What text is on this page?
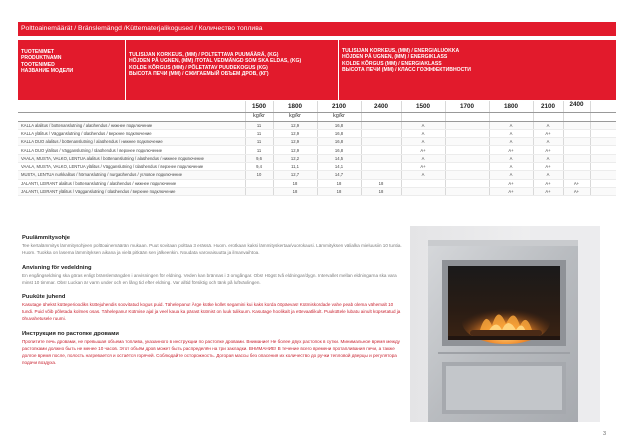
Polttoainemäärät / Bränslemängd /Küttematerjalikogused / Количество топлива
TUOTENIMET
PRODUKTNAMN
TOOTENIMED
НАЗВАНИЕ МОДЕЛИ
TULISIJAN KORKEUS, (MM) / POLTETTAVA PUUMÄÄRÄ, (KG)
HÖJDEN PÅ UGNEN, (MM) /TOTAL VEDMÄNGD SOM SKA ELDAS, (KG)
KOLDE KÕRGUS (MM) / PÕLETATAV PUUDEKOGUS (KG)
ВЫСОТА ПЕЧИ (MM) / СЖИГАЕМЫЙ ОБЪЕМ ДРОВ, (КГ)
TULISIJAN KORKEUS, (MM) / ENERGIALUOKKA
HÖJDEN PÅ UGNEN, (MM) / ENERGIKLASS
KOLDE KÕRGUS (MM) / ENERGIAKLASS
ВЫСОТА ПЕЧИ (MM) / КЛАСС ГОЭФФЕКТИВНОСТИ
	1500	1800	2100	2400	1500	1700	1800	2100	2400	
	kg/kr	kg/kr	kg/kr							
KALLA alalitus / bottenanslutning / alaühendus / нижнее подключение	11	12,9	16,8		A		A	A		
KALLA ylälitus / Vägganslutning / ülaühendus / верхнее подключение	11	12,9	16,8		A		A	A+		
KALLA DUO alalitus / bottenanslutning / alaühendus / нижнее подключение	11	12,9	16,8		A		A	A		
KALLA DUO ylälitus / Vägganslutning / ülaühendus / верхнее подключение	11	12,9	16,8		A+		A+	A+		
VAALA, MUSTA, VALKO, LENTUA alalitus / bottenanslutning / alaühendus / нижнее подключение	9,6	12,2	14,5		A		A	A		
VAALA, MUSTA, VALKO, LENTUA ylälitus / Vägganslutning / ülaühendus / верхнее подключение	9,4	11,1	14,1		A+		A	A+		
MUSTA, LENTUA nurkkalitus / hörnanslutning / nurgaühendus / угловое подключение	10	12,7	14,7		A		A	A		
JALANTI, LEIRANT alalitus / bottenanslutning / alaühendus / нижнее подключение		18	18	18			A+	A+	A+	
JALANTI, LEIRANT ylälitus / Vägganslutning / ülaühendus / верхнее подключение		18	18	18			A+	A+	A+	
Puulämmitysohje
Tee kertalämmitys lämmitysohjeen polttoainemäärän mukaan. Puut sovitaan polttaa 3 erässä. Huom. erotkaan kaksi lämmityskertaa/vuorokausi. Lämmityksen välialka mieluusiin 10 tuntia. Huom. Tuokka on lasema lämmityksen aikana ja vielä pitkään sen jälkeenkin. Noudata varovaisuutta ja ilmanvaihtoa.
Anvisning för vedeldning
En engångseldning ska göras enligt bränslemängden i anvisningen för eldning. Veden kan brännas i 3 omgångar. Obs! Högst två eldningar/dygn. Intervallet mellan eldningarna ska vara minst 10 timmar. Obs! Luckan är varm under och en lång tid efter eldning. Var alltid försiktig och tänk på luftväxlingen.
Puuküte juhend
Kasutage ühekst kütteperioodiks küttejuhendis soovitatud kogus puid. Tähelepanu! Ärge kütke kollet segamini kui kaks korda ööpäevas! Kütmiskordade vahe peab olema vähemalt 10 tundi. Puid võib põletada kolmes osas. Tähelepanu! Kütmise ajal ja veel kaua ka pärast kütmist on luuk tulikuum. Kasutage hoolikalt ja ettevaatlikult. Puuküttele lubatu ainult küpsetatud ja öhuvahetusele ruumi.
Инструкция по растопке дровами
Пропитите печь дровами, не превышая объема топлива, указанного в инструкции по растопке дровами. Внимание! Не более двух растопок в сутки. Минимальное время между растопками должно быть не менее 10 часов. Этот объём дров может быть распределён на три закладки. ВНИМАНИЕ! В течение всего времени протапливания печи, а также долгое время после, полость нагревается и остаётся горячей. Соблюдайте осторожность. Догорая массы без опасения их количество до ручки тепловой дверцы и регулятора подачи воздуха.
3
